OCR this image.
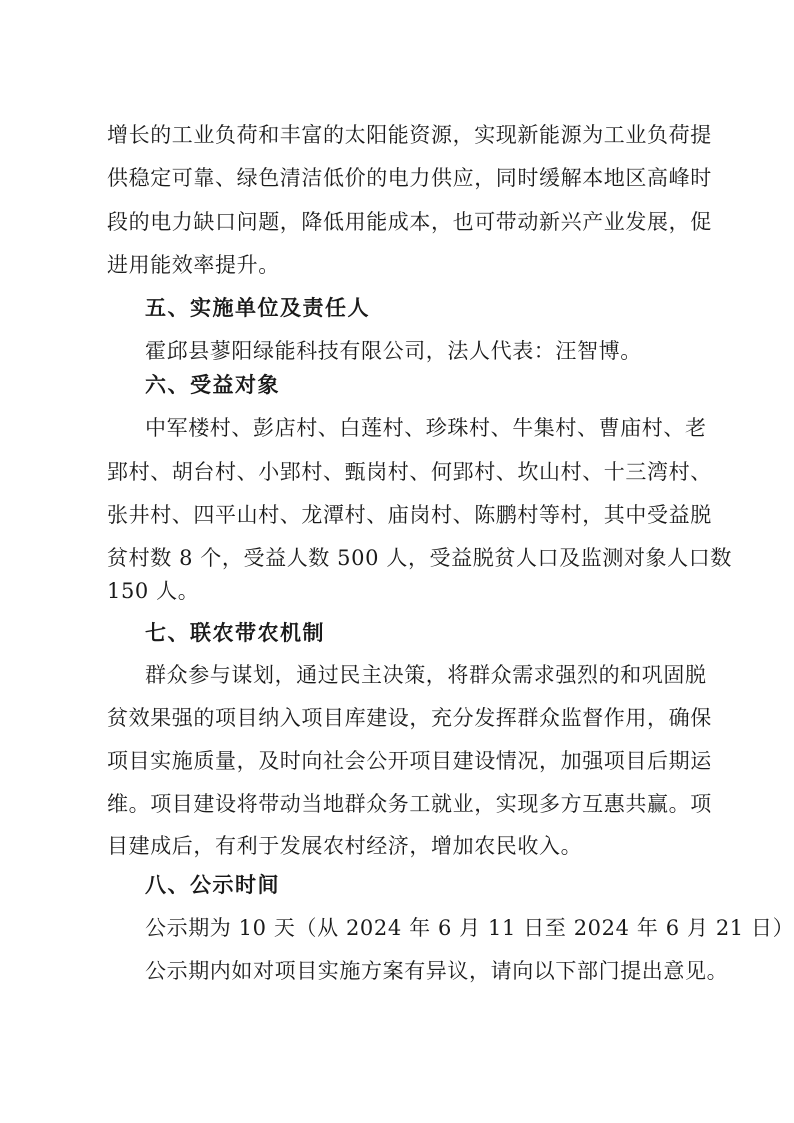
增长的工业负荷和丰富的太阳能资源，实现新能源为工业负荷提
供稳定可靠、绿色清洁低价的电力供应，同时缓解本地区高峰时
段的电力缺口问题，降低用能成本，也可带动新兴产业发展，促
进用能效率提升。
五、实施单位及责任人
霍邱县蓼阳绿能科技有限公司，法人代表：汪智博。
六、受益对象
中军楼村、彭店村、白莲村、珍珠村、牛集村、曹庙村、老
郢村、胡台村、小郢村、甄岗村、何郢村、坎山村、十三湾村、
张井村、四平山村、龙潭村、庙岗村、陈鹏村等村，其中受益脱
贫村数 8 个，受益人数 500 人，受益脱贫人口及监测对象人口数
150 人。
七、联农带农机制
群众参与谋划，通过民主决策，将群众需求强烈的和巩固脱
贫效果强的项目纳入项目库建设，充分发挥群众监督作用，确保
项目实施质量，及时向社会公开项目建设情况，加强项目后期运
维。项目建设将带动当地群众务工就业，实现多方互惠共赢。项
目建成后，有利于发展农村经济，增加农民收入。
八、公示时间
公示期为 10 天（从 2024 年 6 月 11 日至 2024 年 6 月 21 日）
公示期内如对项目实施方案有异议，请向以下部门提出意见。
